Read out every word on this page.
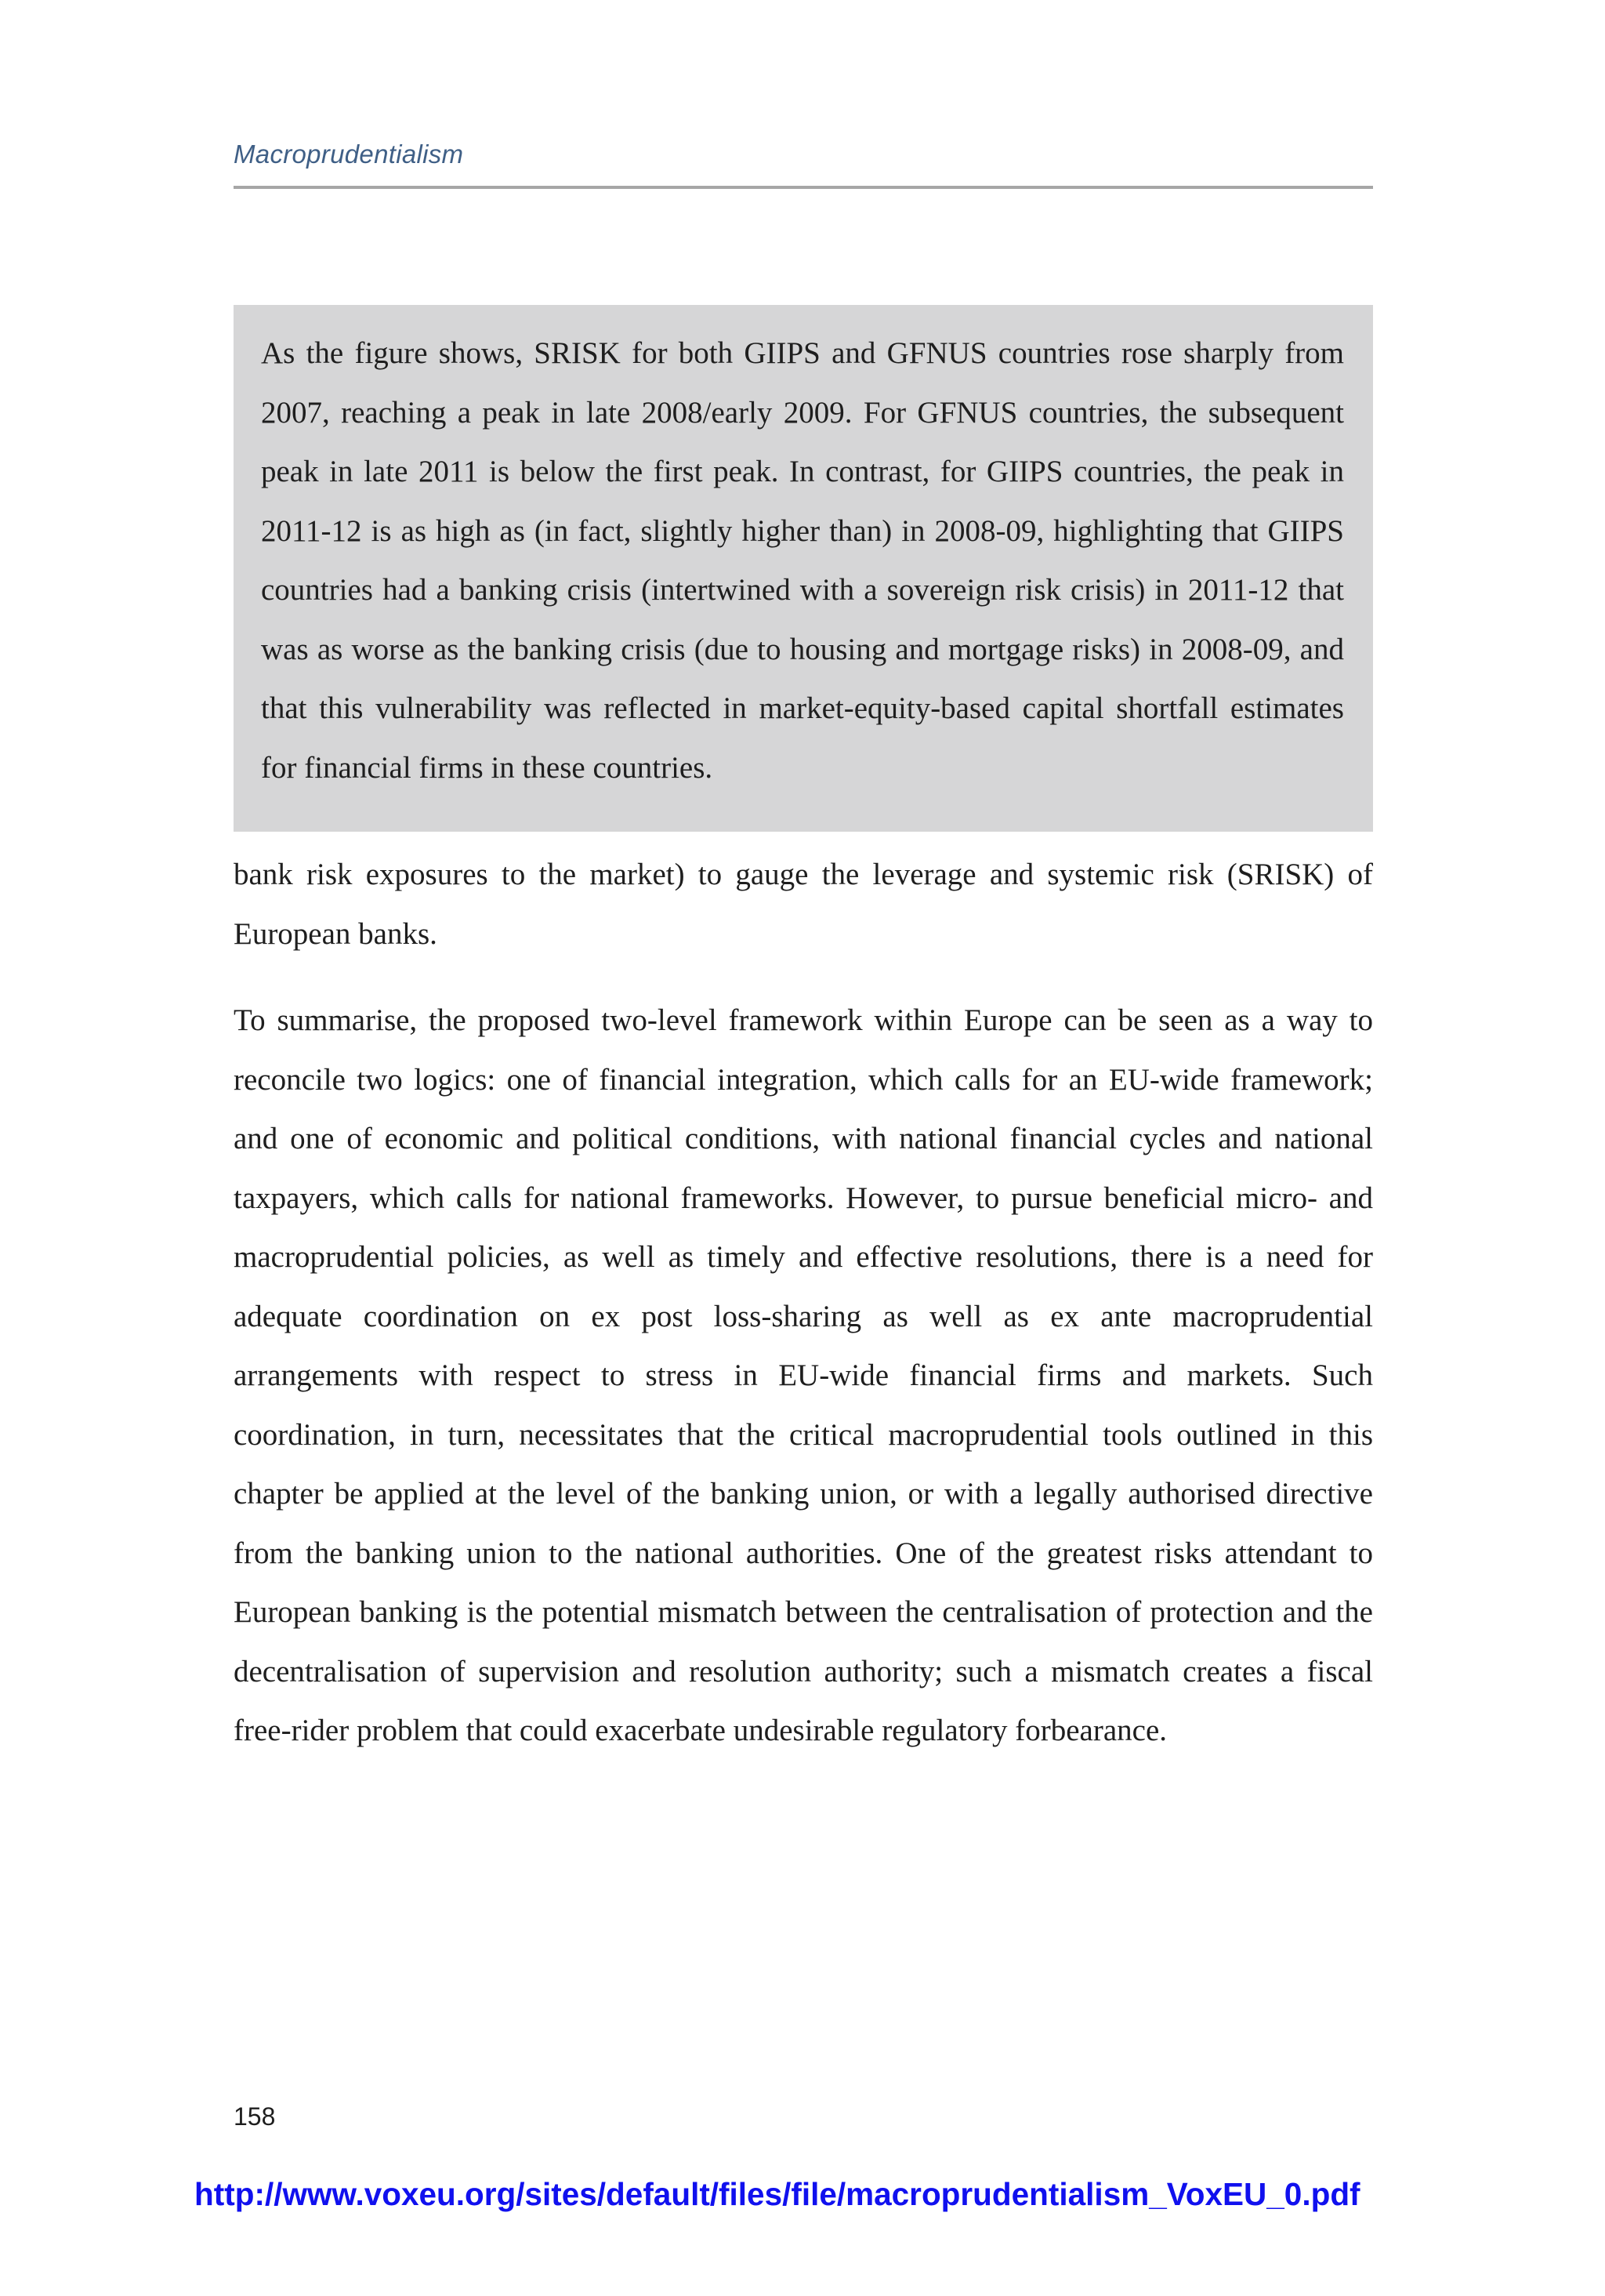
Macroprudentialism

As the figure shows, SRISK for both GIIPS and GFNUS countries rose sharply from 2007, reaching a peak in late 2008/early 2009. For GFNUS countries, the subsequent peak in late 2011 is below the first peak. In contrast, for GIIPS countries, the peak in 2011-12 is as high as (in fact, slightly higher than) in 2008-09, highlighting that GIIPS countries had a banking crisis (intertwined with a sovereign risk crisis) in 2011-12 that was as worse as the banking crisis (due to housing and mortgage risks) in 2008-09, and that this vulnerability was reflected in market-equity-based capital shortfall estimates for financial firms in these countries.

bank risk exposures to the market) to gauge the leverage and systemic risk (SRISK) of European banks.

To summarise, the proposed two-level framework within Europe can be seen as a way to reconcile two logics: one of financial integration, which calls for an EU-wide framework; and one of economic and political conditions, with national financial cycles and national taxpayers, which calls for national frameworks. However, to pursue beneficial micro- and macroprudential policies, as well as timely and effective resolutions, there is a need for adequate coordination on ex post loss-sharing as well as ex ante macroprudential arrangements with respect to stress in EU-wide financial firms and markets. Such coordination, in turn, necessitates that the critical macroprudential tools outlined in this chapter be applied at the level of the banking union, or with a legally authorised directive from the banking union to the national authorities. One of the greatest risks attendant to European banking is the potential mismatch between the centralisation of protection and the decentralisation of supervision and resolution authority; such a mismatch creates a fiscal free-rider problem that could exacerbate undesirable regulatory forbearance.

158
http://www.voxeu.org/sites/default/files/file/macroprudentialism_VoxEU_0.pdf
